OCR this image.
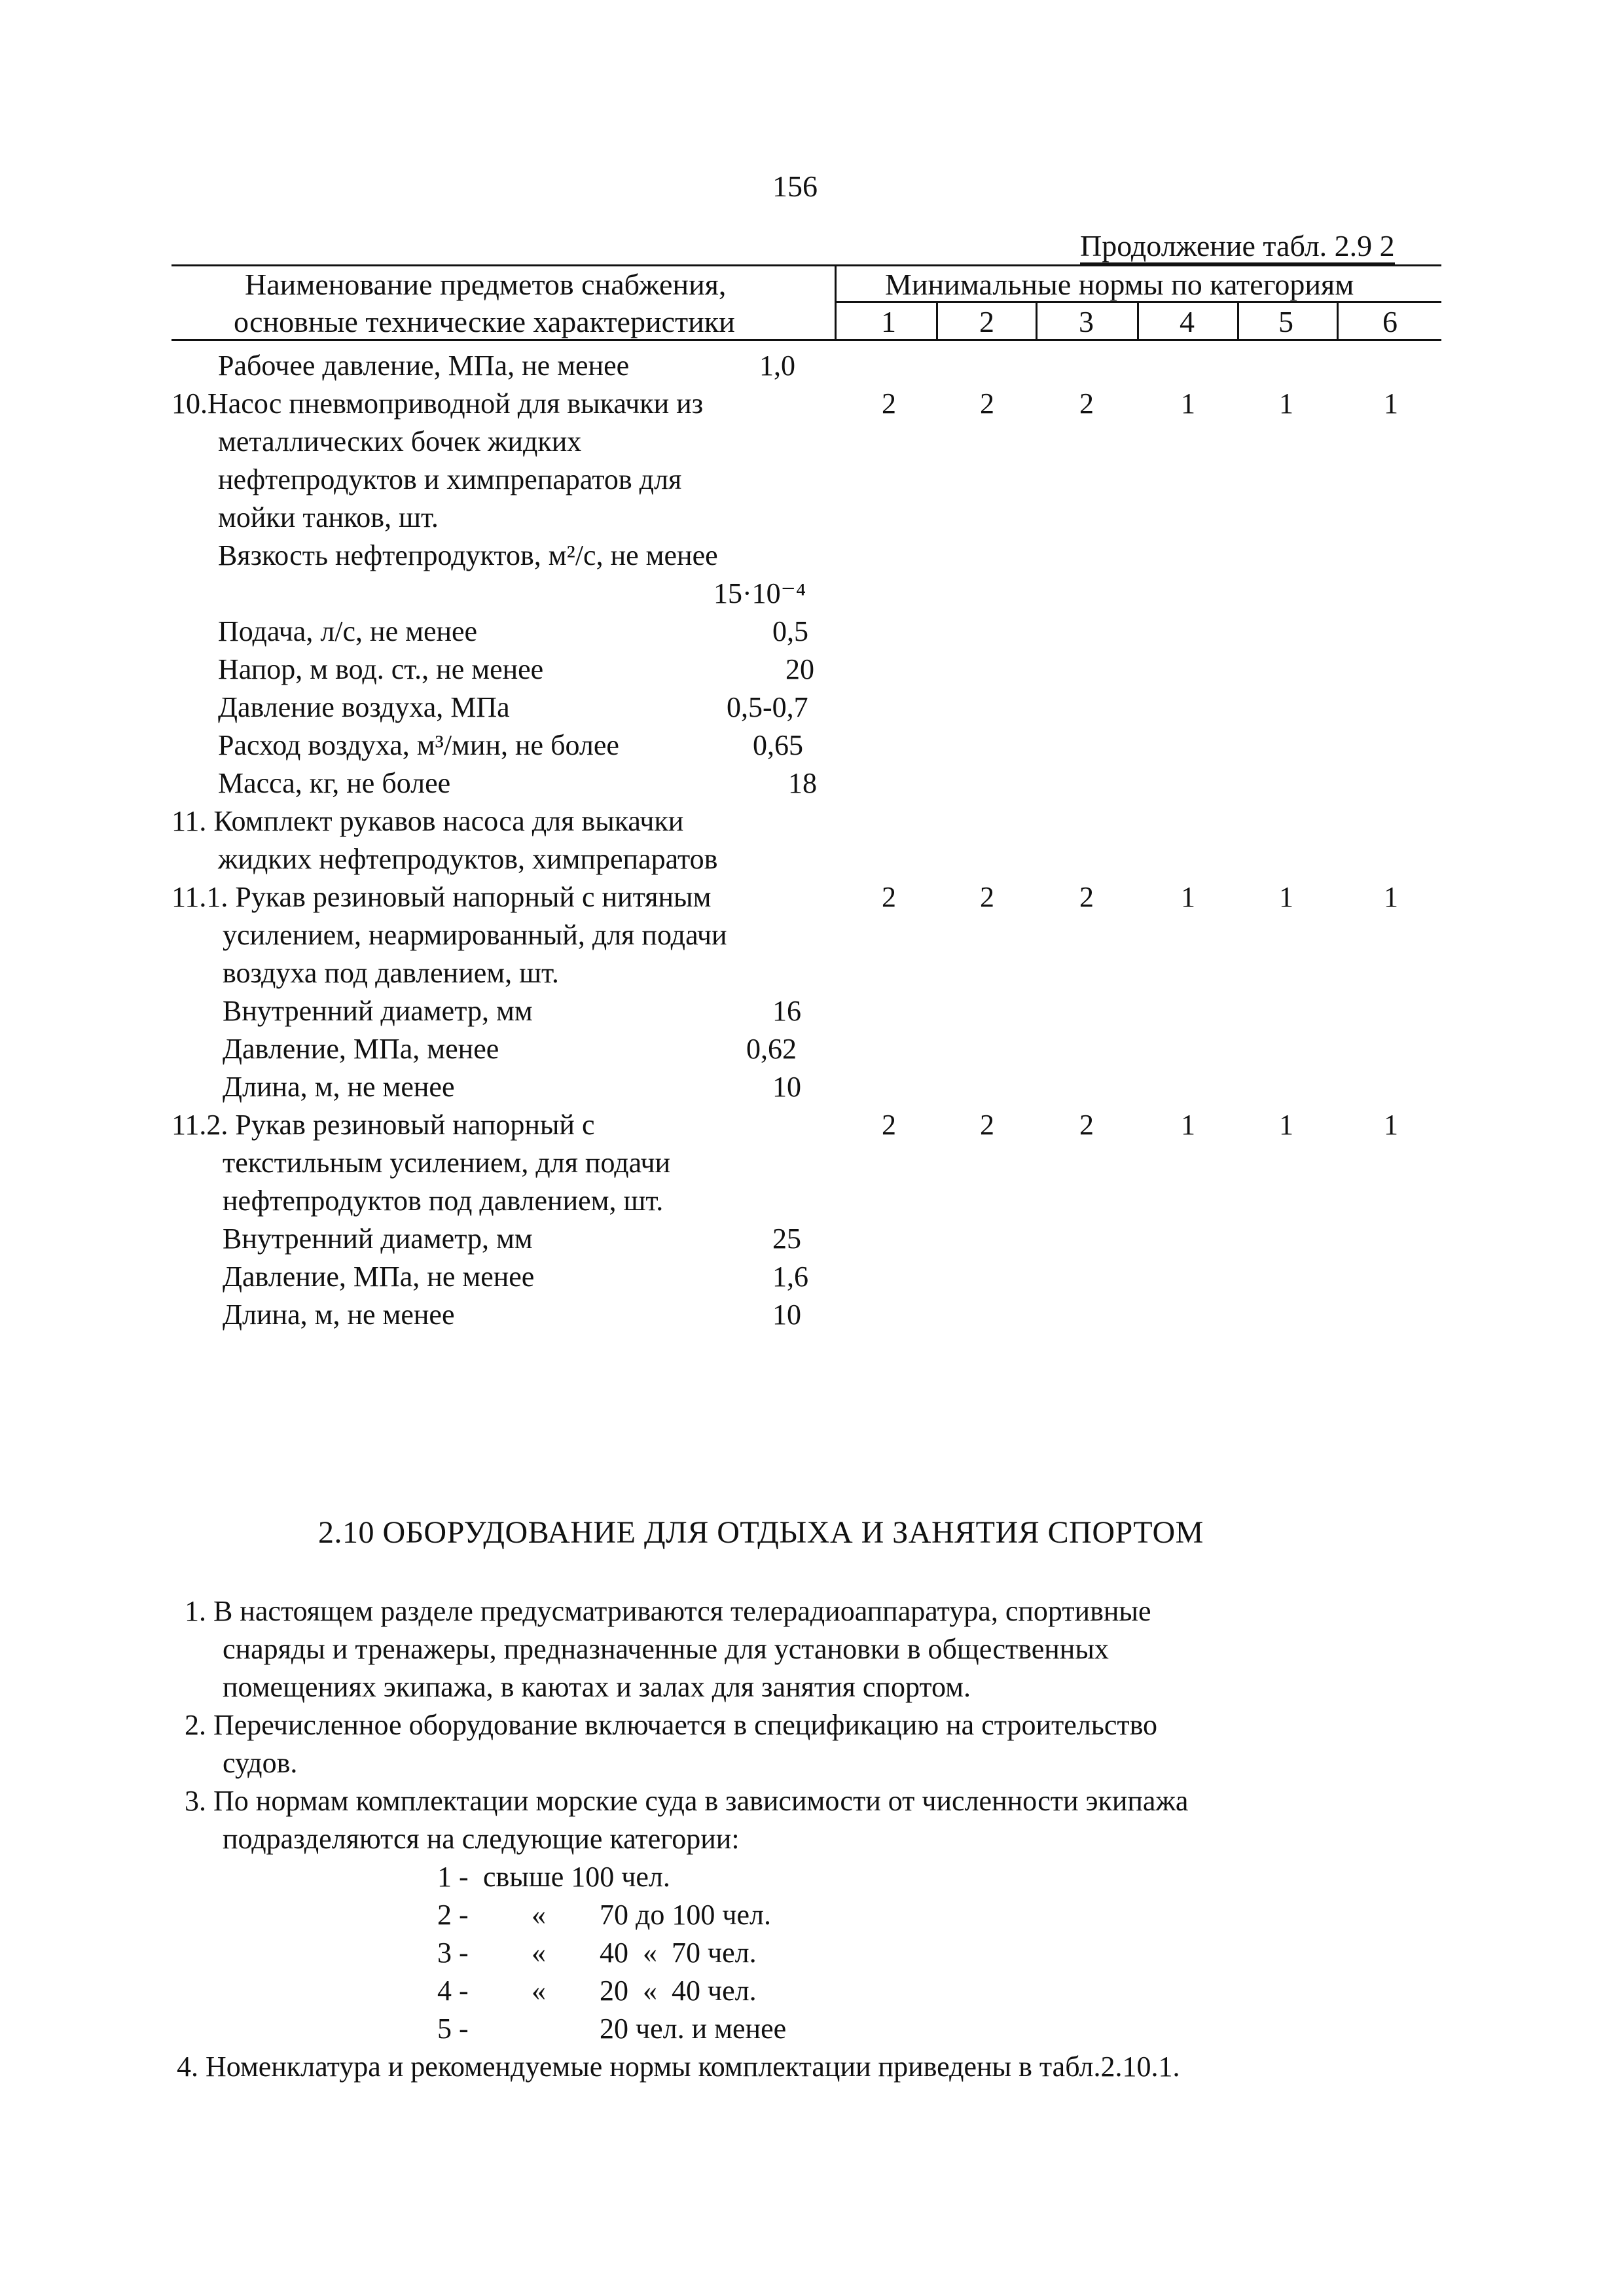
156
Продолжение табл. 2.9 2
Наименование предметов снабжения,
основные технические характеристики
Минимальные нормы по категориям
1	2	3	4	5	6
Рабочее давление, МПа, не менее	1,0
10.Насос пневмоприводной для выкачки из	2	2	2	1	1	1
металлических бочек жидких
нефтепродуктов и химпрепаратов для
мойки танков, шт.
Вязкость нефтепродуктов, м²/с, не менее
15·10⁻⁴
Подача, л/с, не менее	0,5
Напор, м вод. ст., не менее	20
Давление воздуха, МПа	0,5-0,7
Расход воздуха, м³/мин, не более	0,65
Масса, кг, не более	18
11. Комплект рукавов насоса для выкачки
жидких нефтепродуктов, химпрепаратов
11.1. Рукав резиновый напорный с нитяным	2	2	2	1	1	1
усилением, неармированный, для подачи
воздуха под давлением, шт.
Внутренний диаметр, мм	16
Давление, МПа, менее	0,62
Длина, м, не менее	10
11.2. Рукав резиновый напорный с	2	2	2	1	1	1
текстильным усилением, для подачи
нефтепродуктов под давлением, шт.
Внутренний диаметр, мм	25
Давление, МПа, не менее	1,6
Длина, м, не менее	10
2.10 ОБОРУДОВАНИЕ ДЛЯ ОТДЫХА И ЗАНЯТИЯ СПОРТОМ
1. В настоящем разделе предусматриваются телерадиоаппаратура, спортивные
снаряды и тренажеры, предназначенные для установки в общественных
помещениях экипажа, в каютах и залах для занятия спортом.
2. Перечисленное оборудование включается в спецификацию на строительство
судов.
3. По нормам комплектации морские суда в зависимости от численности экипажа
подразделяются на следующие категории:
1 - свыше 100 чел.
2 - « 70 до 100 чел.
3 - « 40  «  70 чел.
4 - « 20  «  40 чел.
5 -	20 чел. и менее
4. Номенклатура и рекомендуемые нормы комплектации приведены в табл.2.10.1.
